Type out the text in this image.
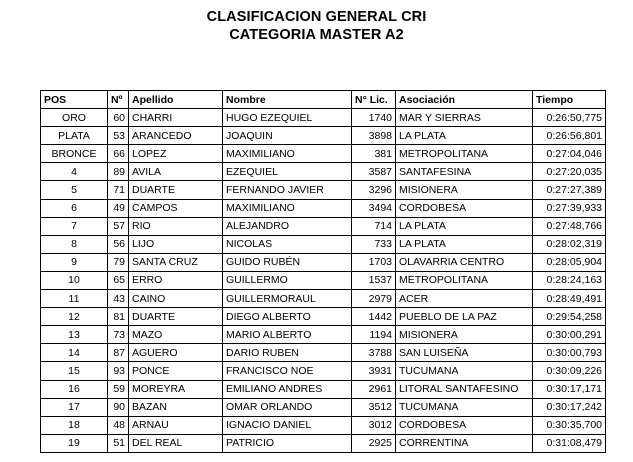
CLASIFICACION GENERAL CRI
CATEGORIA MASTER A2
POS	Nº	Apellido	Nombre	N° Lic.	Asociación	Tiempo
ORO	60	CHARRI	HUGO EZEQUIEL	1740	MAR Y SIERRAS	0:26:50,775
PLATA	53	ARANCEDO	JOAQUIN	3898	LA PLATA	0:26:56,801
BRONCE	66	LOPEZ	MAXIMILIANO	381	METROPOLITANA	0:27:04,046
4	89	AVILA	EZEQUIEL	3587	SANTAFESINA	0:27:20,035
5	71	DUARTE	FERNANDO JAVIER	3296	MISIONERA	0:27:27,389
6	49	CAMPOS	MAXIMILIANO	3494	CORDOBESA	0:27:39,933
7	57	RIO	ALEJANDRO	714	LA PLATA	0:27:48,766
8	56	LIJO	NICOLAS	733	LA PLATA	0:28:02,319
9	79	SANTA CRUZ	GUIDO RUBÉN	1703	OLAVARRIA CENTRO	0:28:05,904
10	65	ERRO	GUILLERMO	1537	METROPOLITANA	0:28:24,163
11	43	CAINO	GUILLERMORAUL	2979	ACER	0:28:49,491
12	81	DUARTE	DIEGO ALBERTO	1442	PUEBLO DE LA PAZ	0:29:54,258
13	73	MAZO	MARIO ALBERTO	1194	MISIONERA	0:30:00,291
14	87	AGUERO	DARIO RUBEN	3788	SAN LUISEÑA	0:30:00,793
15	93	PONCE	FRANCISCO NOE	3931	TUCUMANA	0:30:09,226
16	59	MOREYRA	EMILIANO ANDRES	2961	LITORAL SANTAFESINO	0:30:17,171
17	90	BAZAN	OMAR ORLANDO	3512	TUCUMANA	0:30:17,242
18	48	ARNAU	IGNACIO DANIEL	3012	CORDOBESA	0:30:35,700
19	51	DEL REAL	PATRICIO	2925	CORRENTINA	0:31:08,479
